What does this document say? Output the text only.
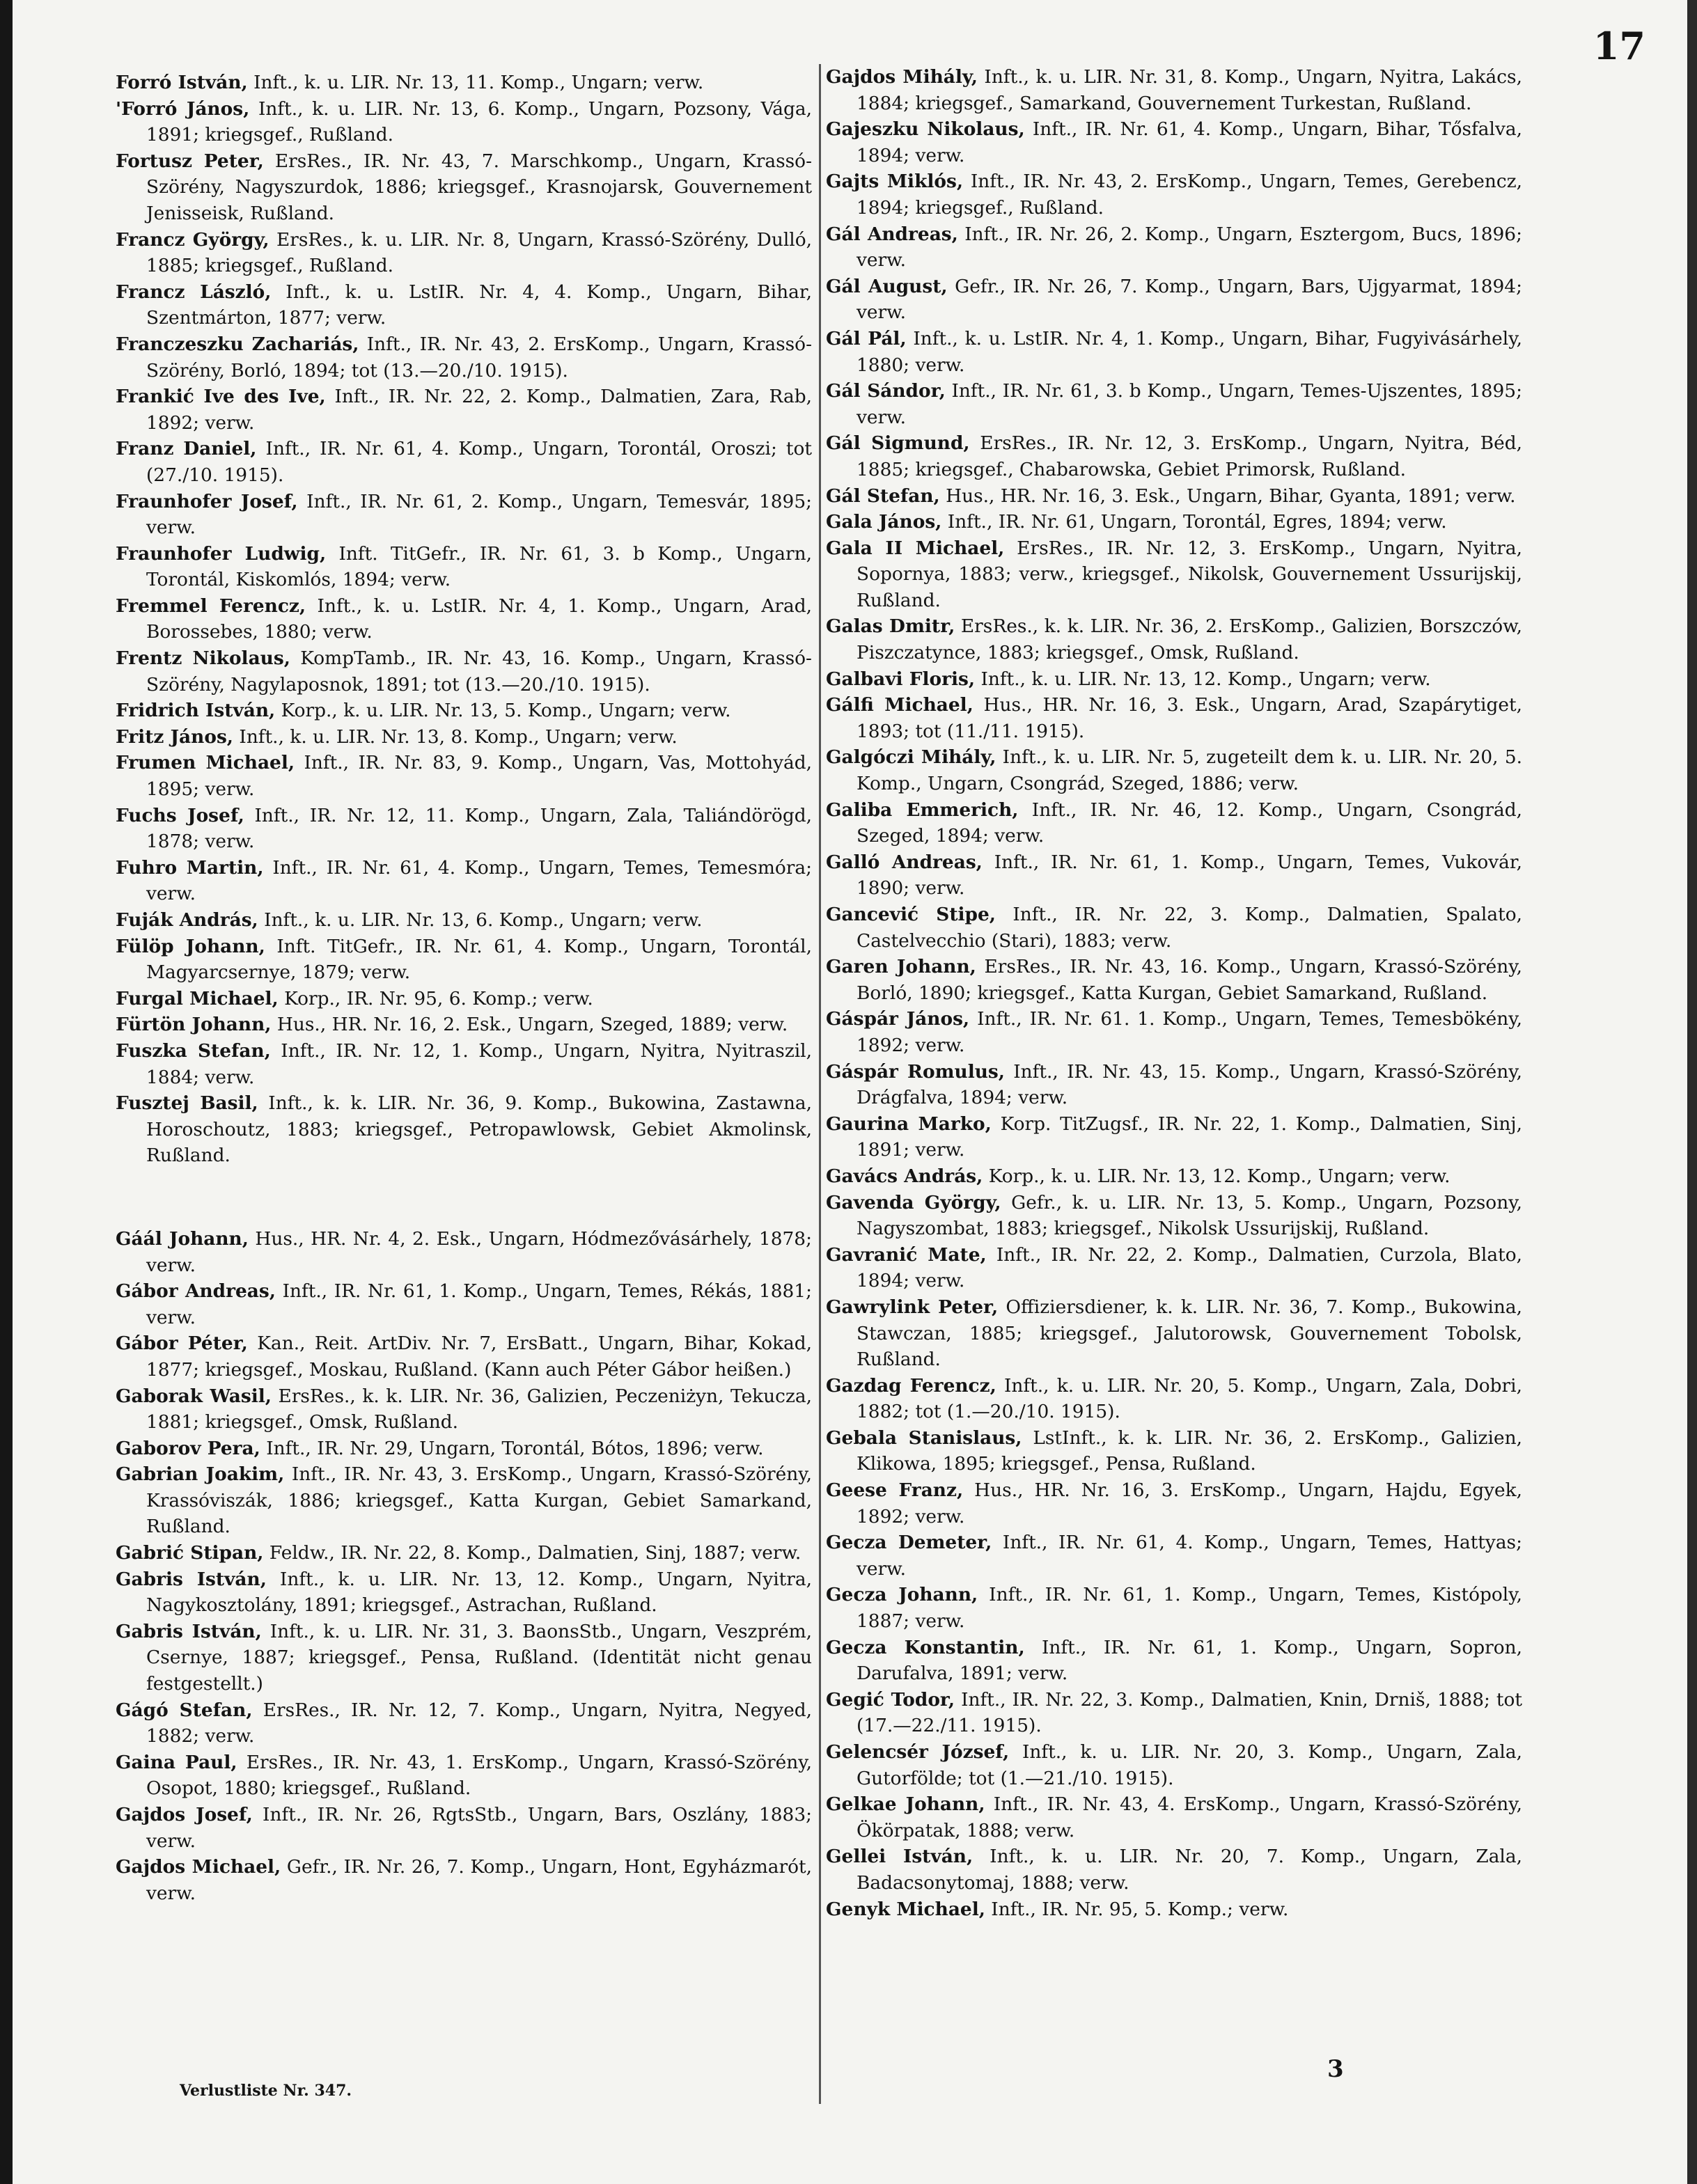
17

Forró István, Inft., k. u. LIR. Nr. 13, 11. Komp., Ungarn; verw.

'Forró János, Inft., k. u. LIR. Nr. 13, 6. Komp., Ungarn, Pozsony, Vága, 1891; kriegsgef., Rußland.

Fortusz Peter, ErsRes., IR. Nr. 43, 7. Marschkomp., Ungarn, Krassó-Szörény, Nagyszurdok, 1886; kriegsgef., Krasnojarsk, Gouvernement Jenisseisk, Rußland.

Francz György, ErsRes., k. u. LIR. Nr. 8, Ungarn, Krassó-Szörény, Dulló, 1885; kriegsgef., Rußland.

Francz László, Inft., k. u. LstIR. Nr. 4, 4. Komp., Ungarn, Bihar, Szentmárton, 1877; verw.

Franczeszku Zachariás, Inft., IR. Nr. 43, 2. ErsKomp., Ungarn, Krassó-Szörény, Borló, 1894; tot (13.—20./10. 1915).

Frankić Ive des Ive, Inft., IR. Nr. 22, 2. Komp., Dalmatien, Zara, Rab, 1892; verw.

Franz Daniel, Inft., IR. Nr. 61, 4. Komp., Ungarn, Torontál, Oroszi; tot (27./10. 1915).

Fraunhofer Josef, Inft., IR. Nr. 61, 2. Komp., Ungarn, Temesvár, 1895; verw.

Fraunhofer Ludwig, Inft. TitGefr., IR. Nr. 61, 3. b Komp., Ungarn, Torontál, Kiskomlós, 1894; verw.

Fremmel Ferencz, Inft., k. u. LstIR. Nr. 4, 1. Komp., Ungarn, Arad, Borossebes, 1880; verw.

Frentz Nikolaus, KompTamb., IR. Nr. 43, 16. Komp., Ungarn, Krassó-Szörény, Nagylaposnok, 1891; tot (13.—20./10. 1915).

Fridrich István, Korp., k. u. LIR. Nr. 13, 5. Komp., Ungarn; verw.

Fritz János, Inft., k. u. LIR. Nr. 13, 8. Komp., Ungarn; verw.

Frumen Michael, Inft., IR. Nr. 83, 9. Komp., Ungarn, Vas, Mottohyád, 1895; verw.

Fuchs Josef, Inft., IR. Nr. 12, 11. Komp., Ungarn, Zala, Taliándörögd, 1878; verw.

Fuhro Martin, Inft., IR. Nr. 61, 4. Komp., Ungarn, Temes, Temesmóra; verw.

Fuják András, Inft., k. u. LIR. Nr. 13, 6. Komp., Ungarn; verw.

Fülöp Johann, Inft. TitGefr., IR. Nr. 61, 4. Komp., Ungarn, Torontál, Magyarcsernye, 1879; verw.

Furgal Michael, Korp., IR. Nr. 95, 6. Komp.; verw.

Fürtön Johann, Hus., HR. Nr. 16, 2. Esk., Ungarn, Szeged, 1889; verw.

Fuszka Stefan, Inft., IR. Nr. 12, 1. Komp., Ungarn, Nyitra, Nyitraszil, 1884; verw.

Fusztej Basil, Inft., k. k. LIR. Nr. 36, 9. Komp., Bukowina, Zastawna, Horoschoutz, 1883; kriegsgef., Petropawlowsk, Gebiet Akmolinsk, Rußland.

Gáál Johann, Hus., HR. Nr. 4, 2. Esk., Ungarn, Hódmezővásárhely, 1878; verw.

Gábor Andreas, Inft., IR. Nr. 61, 1. Komp., Ungarn, Temes, Rékás, 1881; verw.

Gábor Péter, Kan., Reit. ArtDiv. Nr. 7, ErsBatt., Ungarn, Bihar, Kokad, 1877; kriegsgef., Moskau, Rußland. (Kann auch Péter Gábor heißen.)

Gaborak Wasil, ErsRes., k. k. LIR. Nr. 36, Galizien, Peczeniżyn, Tekucza, 1881; kriegsgef., Omsk, Rußland.

Gaborov Pera, Inft., IR. Nr. 29, Ungarn, Torontál, Bótos, 1896; verw.

Gabrian Joakim, Inft., IR. Nr. 43, 3. ErsKomp., Ungarn, Krassó-Szörény, Krassóviszák, 1886; kriegsgef., Katta Kurgan, Gebiet Samarkand, Rußland.

Gabrić Stipan, Feldw., IR. Nr. 22, 8. Komp., Dalmatien, Sinj, 1887; verw.

Gabris István, Inft., k. u. LIR. Nr. 13, 12. Komp., Ungarn, Nyitra, Nagykosztolány, 1891; kriegsgef., Astrachan, Rußland.

Gabris István, Inft., k. u. LIR. Nr. 31, 3. BaonsStb., Ungarn, Veszprém, Csernye, 1887; kriegsgef., Pensa, Rußland. (Identität nicht genau festgestellt.)

Gágó Stefan, ErsRes., IR. Nr. 12, 7. Komp., Ungarn, Nyitra, Negyed, 1882; verw.

Gaina Paul, ErsRes., IR. Nr. 43, 1. ErsKomp., Ungarn, Krassó-Szörény, Osopot, 1880; kriegsgef., Rußland.

Gajdos Josef, Inft., IR. Nr. 26, RgtsStb., Ungarn, Bars, Oszlány, 1883; verw.

Gajdos Michael, Gefr., IR. Nr. 26, 7. Komp., Ungarn, Hont, Egyházmarót, verw.

Gajdos Mihály, Inft., k. u. LIR. Nr. 31, 8. Komp., Ungarn, Nyitra, Lakács, 1884; kriegsgef., Samarkand, Gouvernement Turkestan, Rußland.

Gajeszku Nikolaus, Inft., IR. Nr. 61, 4. Komp., Ungarn, Bihar, Tősfalva, 1894; verw.

Gajts Miklós, Inft., IR. Nr. 43, 2. ErsKomp., Ungarn, Temes, Gerebencz, 1894; kriegsgef., Rußland.

Gál Andreas, Inft., IR. Nr. 26, 2. Komp., Ungarn, Esztergom, Bucs, 1896; verw.

Gál August, Gefr., IR. Nr. 26, 7. Komp., Ungarn, Bars, Ujgyarmat, 1894; verw.

Gál Pál, Inft., k. u. LstIR. Nr. 4, 1. Komp., Ungarn, Bihar, Fugyivásárhely, 1880; verw.

Gál Sándor, Inft., IR. Nr. 61, 3. b Komp., Ungarn, Temes-Ujszentes, 1895; verw.

Gál Sigmund, ErsRes., IR. Nr. 12, 3. ErsKomp., Ungarn, Nyitra, Béd, 1885; kriegsgef., Chabarowska, Gebiet Primorsk, Rußland.

Gál Stefan, Hus., HR. Nr. 16, 3. Esk., Ungarn, Bihar, Gyanta, 1891; verw.

Gala János, Inft., IR. Nr. 61, Ungarn, Torontál, Egres, 1894; verw.

Gala II Michael, ErsRes., IR. Nr. 12, 3. ErsKomp., Ungarn, Nyitra, Sopornya, 1883; verw., kriegsgef., Nikolsk, Gouvernement Ussurijskij, Rußland.

Galas Dmitr, ErsRes., k. k. LIR. Nr. 36, 2. ErsKomp., Galizien, Borszczów, Piszczatynce, 1883; kriegsgef., Omsk, Rußland.

Galbavi Floris, Inft., k. u. LIR. Nr. 13, 12. Komp., Ungarn; verw.

Gálfi Michael, Hus., HR. Nr. 16, 3. Esk., Ungarn, Arad, Szapárytiget, 1893; tot (11./11. 1915).

Galgóczi Mihály, Inft., k. u. LIR. Nr. 5, zugeteilt dem k. u. LIR. Nr. 20, 5. Komp., Ungarn, Csongrád, Szeged, 1886; verw.

Galiba Emmerich, Inft., IR. Nr. 46, 12. Komp., Ungarn, Csongrád, Szeged, 1894; verw.

Galló Andreas, Inft., IR. Nr. 61, 1. Komp., Ungarn, Temes, Vukovár, 1890; verw.

Gancević Stipe, Inft., IR. Nr. 22, 3. Komp., Dalmatien, Spalato, Castelvecchio (Stari), 1883; verw.

Garen Johann, ErsRes., IR. Nr. 43, 16. Komp., Ungarn, Krassó-Szörény, Borló, 1890; kriegsgef., Katta Kurgan, Gebiet Samarkand, Rußland.

Gáspár János, Inft., IR. Nr. 61. 1. Komp., Ungarn, Temes, Temesbökény, 1892; verw.

Gáspár Romulus, Inft., IR. Nr. 43, 15. Komp., Ungarn, Krassó-Szörény, Drágfalva, 1894; verw.

Gaurina Marko, Korp. TitZugsf., IR. Nr. 22, 1. Komp., Dalmatien, Sinj, 1891; verw.

Gavács András, Korp., k. u. LIR. Nr. 13, 12. Komp., Ungarn; verw.

Gavenda György, Gefr., k. u. LIR. Nr. 13, 5. Komp., Ungarn, Pozsony, Nagyszombat, 1883; kriegsgef., Nikolsk Ussurijskij, Rußland.

Gavranić Mate, Inft., IR. Nr. 22, 2. Komp., Dalmatien, Curzola, Blato, 1894; verw.

Gawrylink Peter, Offiziersdiener, k. k. LIR. Nr. 36, 7. Komp., Bukowina, Stawczan, 1885; kriegsgef., Jalutorowsk, Gouvernement Tobolsk, Rußland.

Gazdag Ferencz, Inft., k. u. LIR. Nr. 20, 5. Komp., Ungarn, Zala, Dobri, 1882; tot (1.—20./10. 1915).

Gebala Stanislaus, LstInft., k. k. LIR. Nr. 36, 2. ErsKomp., Galizien, Klikowa, 1895; kriegsgef., Pensa, Rußland.

Geese Franz, Hus., HR. Nr. 16, 3. ErsKomp., Ungarn, Hajdu, Egyek, 1892; verw.

Gecza Demeter, Inft., IR. Nr. 61, 4. Komp., Ungarn, Temes, Hattyas; verw.

Gecza Johann, Inft., IR. Nr. 61, 1. Komp., Ungarn, Temes, Kistópoly, 1887; verw.

Gecza Konstantin, Inft., IR. Nr. 61, 1. Komp., Ungarn, Sopron, Darufalva, 1891; verw.

Gegić Todor, Inft., IR. Nr. 22, 3. Komp., Dalmatien, Knin, Drniš, 1888; tot (17.—22./11. 1915).

Gelencsér József, Inft., k. u. LIR. Nr. 20, 3. Komp., Ungarn, Zala, Gutorfölde; tot (1.—21./10. 1915).

Gelkae Johann, Inft., IR. Nr. 43, 4. ErsKomp., Ungarn, Krassó-Szörény, Ökörpatak, 1888; verw.

Gellei István, Inft., k. u. LIR. Nr. 20, 7. Komp., Ungarn, Zala, Badacsonytomaj, 1888; verw.

Genyk Michael, Inft., IR. Nr. 95, 5. Komp.; verw.

Verlustliste Nr. 347.
3
